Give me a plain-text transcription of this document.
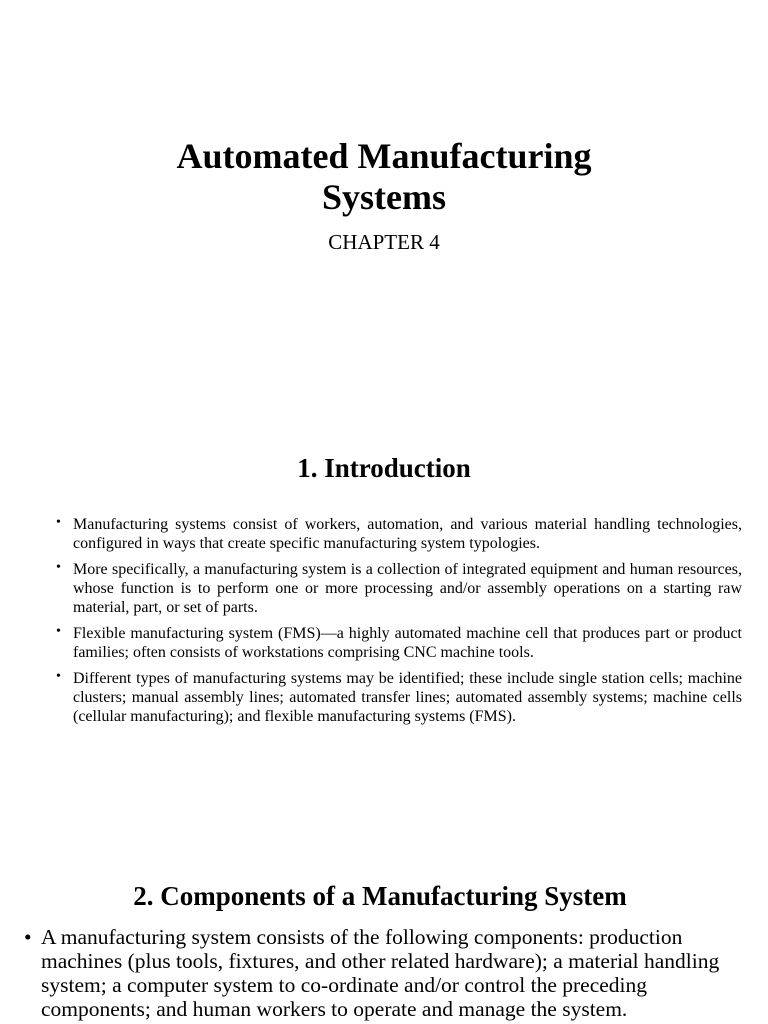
Automated Manufacturing Systems
CHAPTER 4
1. Introduction
• Manufacturing systems consist of workers, automation, and various material handling technologies, configured in ways that create specific manufacturing system typologies.
• More specifically, a manufacturing system is a collection of integrated equipment and human resources, whose function is to perform one or more processing and/or assembly operations on a starting raw material, part, or set of parts.
• Flexible manufacturing system (FMS)—a highly automated machine cell that produces part or product families; often consists of workstations comprising CNC machine tools.
• Different types of manufacturing systems may be identified; these include single station cells; machine clusters; manual assembly lines; automated transfer lines; automated assembly systems; machine cells (cellular manufacturing); and flexible manufacturing systems (FMS).
2. Components of a Manufacturing System
• A manufacturing system consists of the following components: production machines (plus tools, fixtures, and other related hardware); a material handling system; a computer system to co-ordinate and/or control the preceding components; and human workers to operate and manage the system.
